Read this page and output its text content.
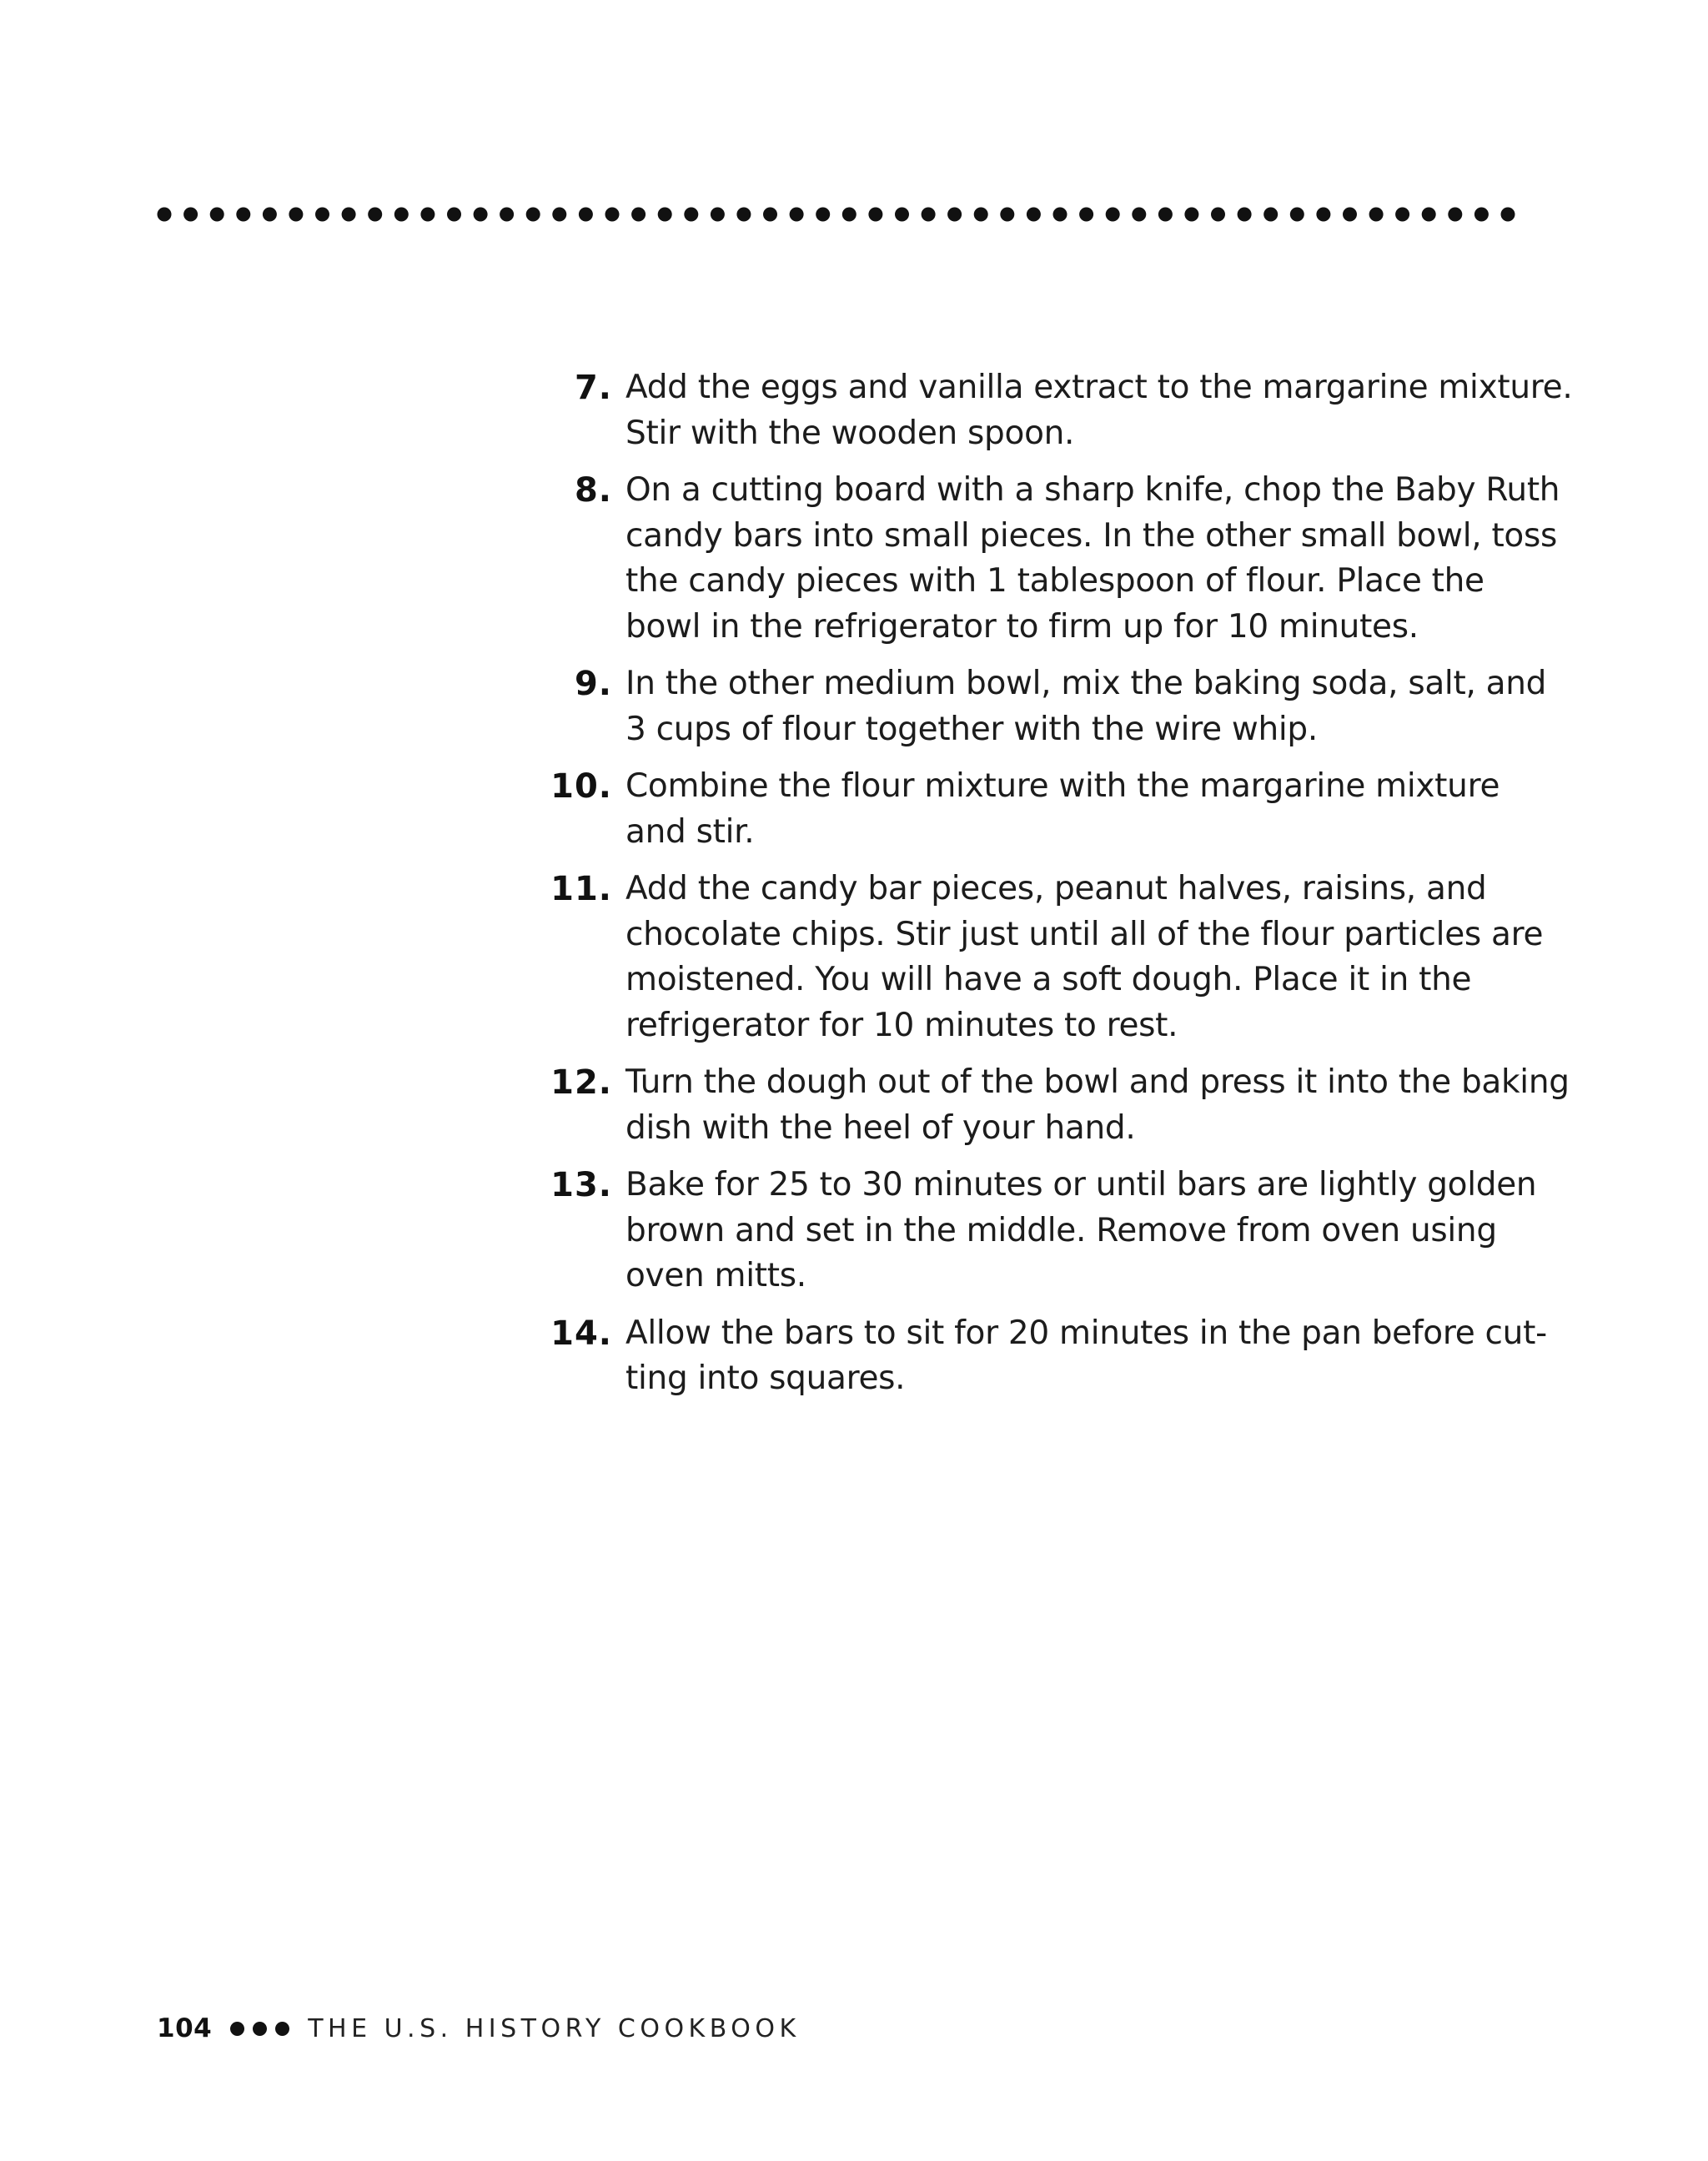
7. Add the eggs and vanilla extract to the margarine mixture.
Stir with the wooden spoon.
8. On a cutting board with a sharp knife, chop the Baby Ruth
candy bars into small pieces. In the other small bowl, toss
the candy pieces with 1 tablespoon of flour. Place the
bowl in the refrigerator to firm up for 10 minutes.
9. In the other medium bowl, mix the baking soda, salt, and
3 cups of flour together with the wire whip.
10. Combine the flour mixture with the margarine mixture
and stir.
11. Add the candy bar pieces, peanut halves, raisins, and
chocolate chips. Stir just until all of the flour particles are
moistened. You will have a soft dough. Place it in the
refrigerator for 10 minutes to rest.
12. Turn the dough out of the bowl and press it into the baking
dish with the heel of your hand.
13. Bake for 25 to 30 minutes or until bars are lightly golden
brown and set in the middle. Remove from oven using
oven mitts.
14. Allow the bars to sit for 20 minutes in the pan before cut-
ting into squares.
104	THE U.S. HISTORY COOKBOOK
